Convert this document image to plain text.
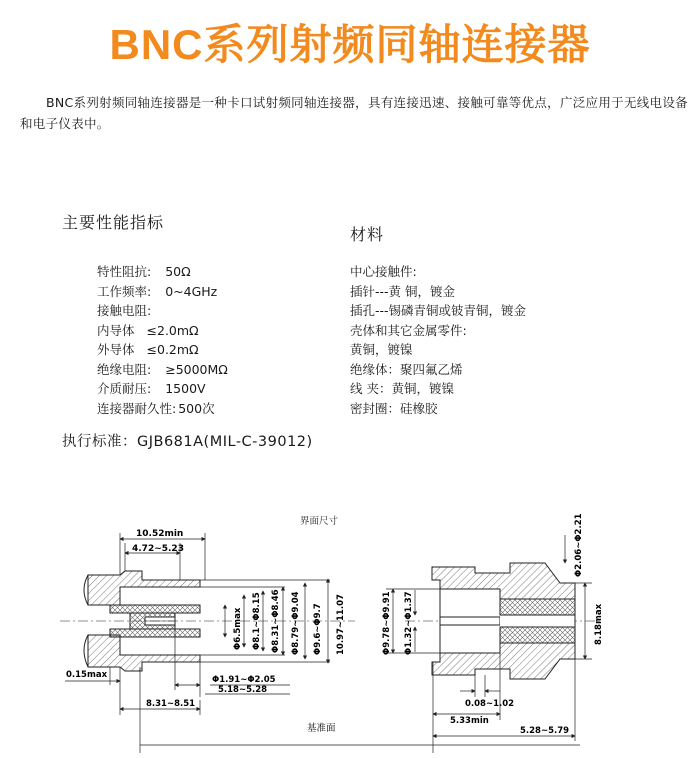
BNC系列射频同轴连接器
BNC系列射频同轴连接器是一种卡口试射频同轴连接器，具有连接迅速、接触可靠等优点，广泛应用于无线电设备和电子仪表中。
主要性能指标
材料
特性阻抗: 50Ω
工作频率: 0~4GHz
接触电阻:
内导体 ≤2.0mΩ
外导体 ≤0.2mΩ
绝缘电阻: ≥5000MΩ
介质耐压: 1500V
连接器耐久性: 500次
中心接触件:
插针---黄 铜，镀金
插孔---锡磷青铜或铍青铜，镀金
壳体和其它金属零件:
黄铜，镀镍
绝缘体：聚四氟乙烯
线 夹：黄铜，镀镍
密封圈：硅橡胶
执行标准：GJB681A(MIL-C-39012)
界面尺寸
10.52min
4.72~5.23
Φ6.5max Φ8.1~Φ8.15 Φ8.31~Φ8.46 Φ8.79~Φ9.04 Φ9.6~Φ9.7 10.97~11.07
Φ1.91~Φ2.05
5.18~5.28
0.15max
8.31~8.51
基准面
Φ9.78~Φ9.91 Φ1.32~Φ1.37
Φ2.06~Φ2.21
8.18max
0.08~1.02
5.33min
5.28~5.79
